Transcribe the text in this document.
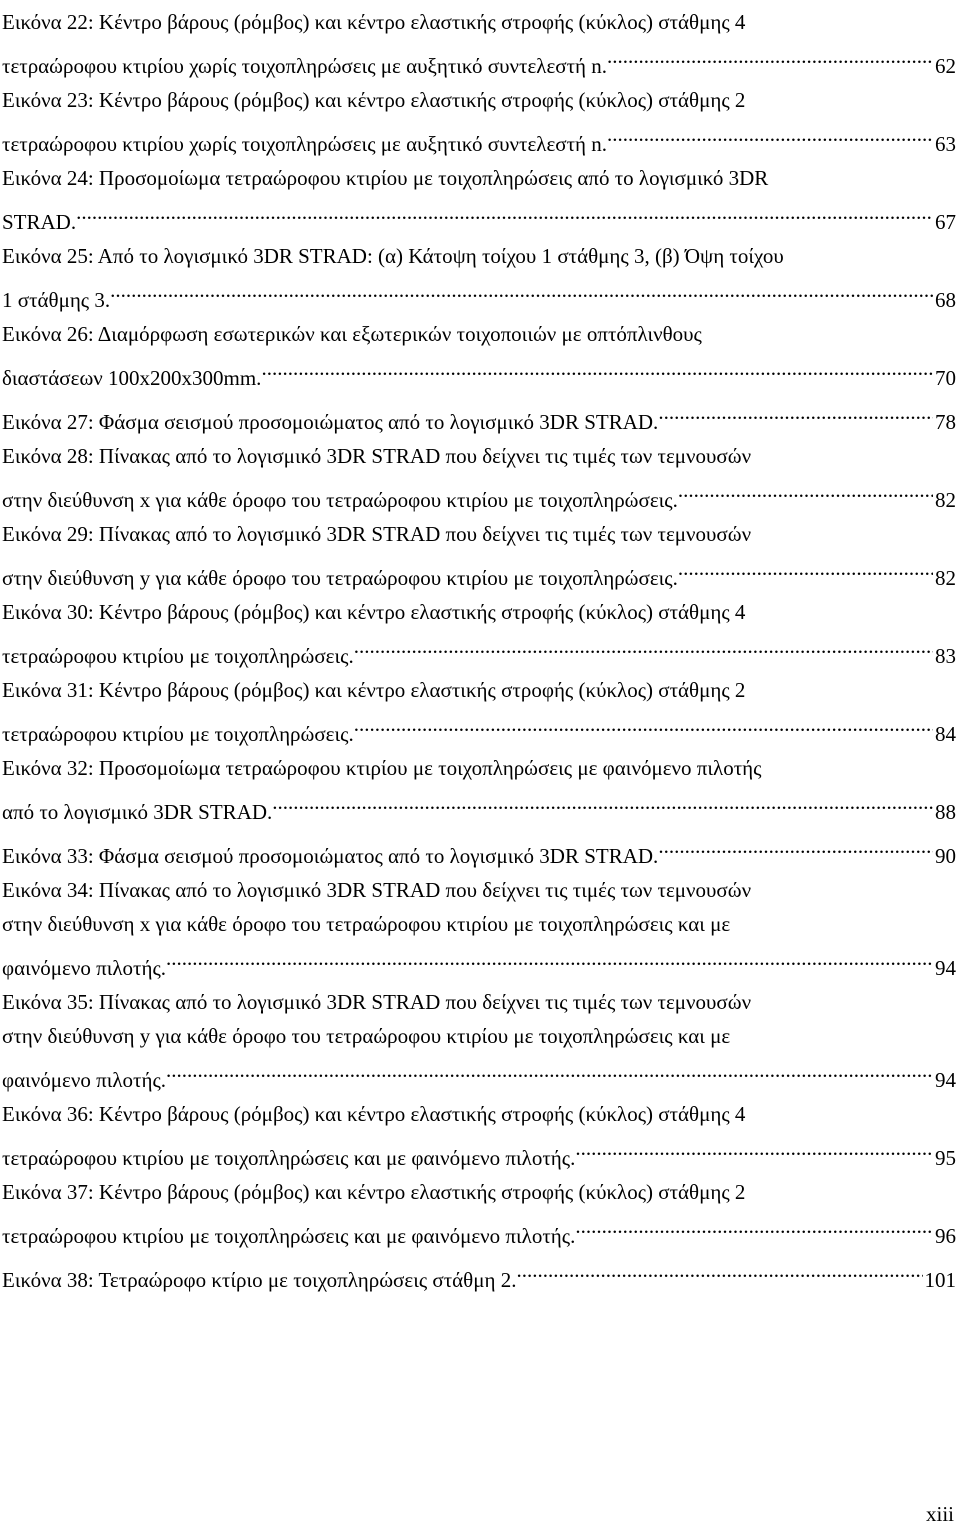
Εικόνα 22: Κέντρο βάρους (ρόμβος) και κέντρο ελαστικής στροφής (κύκλος) στάθμης 4
τετραώροφου κτιρίου χωρίς τοιχοπληρώσεις με αυξητικό συντελεστή n. .....	62
Εικόνα 23: Κέντρο βάρους (ρόμβος) και κέντρο ελαστικής στροφής (κύκλος) στάθμης 2
τετραώροφου κτιρίου χωρίς τοιχοπληρώσεις με αυξητικό συντελεστή n. .....	63
Εικόνα 24: Προσομοίωμα τετραώροφου κτιρίου με τοιχοπληρώσεις από το λογισμικό 3DR
STRAD. .....	67
Εικόνα 25: Από το λογισμικό 3DR STRAD: (α) Κάτοψη τοίχου 1 στάθμης 3, (β) Όψη τοίχου
1 στάθμης 3. .....	68
Εικόνα 26: Διαμόρφωση εσωτερικών και εξωτερικών τοιχοποιιών με οπτόπλινθους
διαστάσεων 100x200x300mm. .....	70
Εικόνα 27: Φάσμα σεισμού προσομοιώματος από το λογισμικό 3DR STRAD. .....	78
Εικόνα 28: Πίνακας από το λογισμικό 3DR STRAD που δείχνει τις τιμές των τεμνουσών
στην διεύθυνση x για κάθε όροφο του τετραώροφου κτιρίου με τοιχοπληρώσεις. .....	82
Εικόνα 29: Πίνακας από το λογισμικό 3DR STRAD που δείχνει τις τιμές των τεμνουσών
στην διεύθυνση y για κάθε όροφο του τετραώροφου κτιρίου με τοιχοπληρώσεις. .....	82
Εικόνα 30: Κέντρο βάρους (ρόμβος) και κέντρο ελαστικής στροφής (κύκλος) στάθμης 4
τετραώροφου κτιρίου με τοιχοπληρώσεις. .....	83
Εικόνα 31: Κέντρο βάρους (ρόμβος) και κέντρο ελαστικής στροφής (κύκλος) στάθμης 2
τετραώροφου κτιρίου με τοιχοπληρώσεις. .....	84
Εικόνα 32: Προσομοίωμα τετραώροφου κτιρίου με τοιχοπληρώσεις με φαινόμενο πιλοτής
από το λογισμικό 3DR STRAD. .....	88
Εικόνα 33: Φάσμα σεισμού προσομοιώματος από το λογισμικό 3DR STRAD. .....	90
Εικόνα 34: Πίνακας από το λογισμικό 3DR STRAD που δείχνει τις τιμές των τεμνουσών
στην διεύθυνση x για κάθε όροφο του τετραώροφου κτιρίου με τοιχοπληρώσεις και με
φαινόμενο πιλοτής. .....	94
Εικόνα 35: Πίνακας από το λογισμικό 3DR STRAD που δείχνει τις τιμές των τεμνουσών
στην διεύθυνση y για κάθε όροφο του τετραώροφου κτιρίου με τοιχοπληρώσεις και με
φαινόμενο πιλοτής. .....	94
Εικόνα 36: Κέντρο βάρους (ρόμβος) και κέντρο ελαστικής στροφής (κύκλος) στάθμης 4
τετραώροφου κτιρίου με τοιχοπληρώσεις και με φαινόμενο πιλοτής. .....	95
Εικόνα 37: Κέντρο βάρους (ρόμβος) και κέντρο ελαστικής στροφής (κύκλος) στάθμης 2
τετραώροφου κτιρίου με τοιχοπληρώσεις και με φαινόμενο πιλοτής. .....	96
Εικόνα 38: Τετραώροφο κτίριο με τοιχοπληρώσεις στάθμη 2. .....	101
xiii
